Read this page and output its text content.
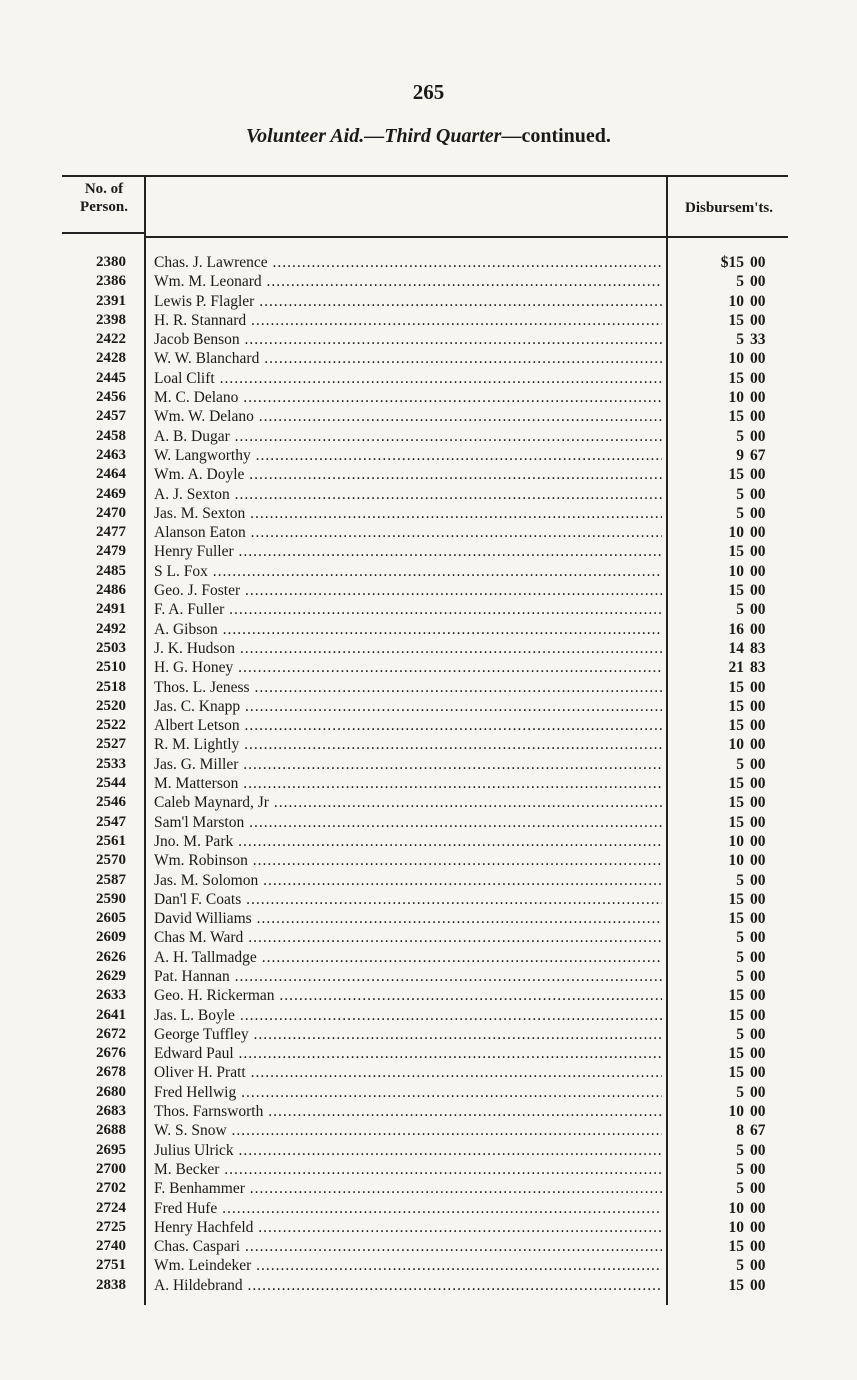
265
Volunteer Aid.—Third Quarter—continued.
No. of
Person.	Disbursem'ts.
2380 Chas. J. Lawrence .....	$15 00
2386 Wm. M. Leonard .....	5 00
2391 Lewis P. Flagler .....	10 00
2398 H. R. Stannard .....	15 00
2422 Jacob Benson .....	5 33
2428 W. W. Blanchard .....	10 00
2445 Loal Clift .....	15 00
2456 M. C. Delano .....	10 00
2457 Wm. W. Delano .....	15 00
2458 A. B. Dugar .....	5 00
2463 W. Langworthy .....	9 67
2464 Wm. A. Doyle .....	15 00
2469 A. J. Sexton .....	5 00
2470 Jas. M. Sexton .....	5 00
2477 Alanson Eaton .....	10 00
2479 Henry Fuller .....	15 00
2485 S L. Fox .....	10 00
2486 Geo. J. Foster .....	15 00
2491 F. A. Fuller .....	5 00
2492 A. Gibson .....	16 00
2503 J. K. Hudson .....	14 83
2510 H. G. Honey .....	21 83
2518 Thos. L. Jeness .....	15 00
2520 Jas. C. Knapp .....	15 00
2522 Albert Letson .....	15 00
2527 R. M. Lightly .....	10 00
2533 Jas. G. Miller .....	5 00
2544 M. Matterson .....	15 00
2546 Caleb Maynard, Jr .....	15 00
2547 Sam'l Marston .....	15 00
2561 Jno. M. Park .....	10 00
2570 Wm. Robinson .....	10 00
2587 Jas. M. Solomon .....	5 00
2590 Dan'l F. Coats .....	15 00
2605 David Williams .....	15 00
2609 Chas M. Ward .....	5 00
2626 A. H. Tallmadge .....	5 00
2629 Pat. Hannan .....	5 00
2633 Geo. H. Rickerman .....	15 00
2641 Jas. L. Boyle .....	15 00
2672 George Tuffley .....	5 00
2676 Edward Paul .....	15 00
2678 Oliver H. Pratt .....	15 00
2680 Fred Hellwig .....	5 00
2683 Thos. Farnsworth .....	10 00
2688 W. S. Snow .....	8 67
2695 Julius Ulrick .....	5 00
2700 M. Becker .....	5 00
2702 F. Benhammer .....	5 00
2724 Fred Hufe .....	10 00
2725 Henry Hachfeld .....	10 00
2740 Chas. Caspari .....	15 00
2751 Wm. Leindeker .....	5 00
2838 A. Hildebrand .....	15 00
